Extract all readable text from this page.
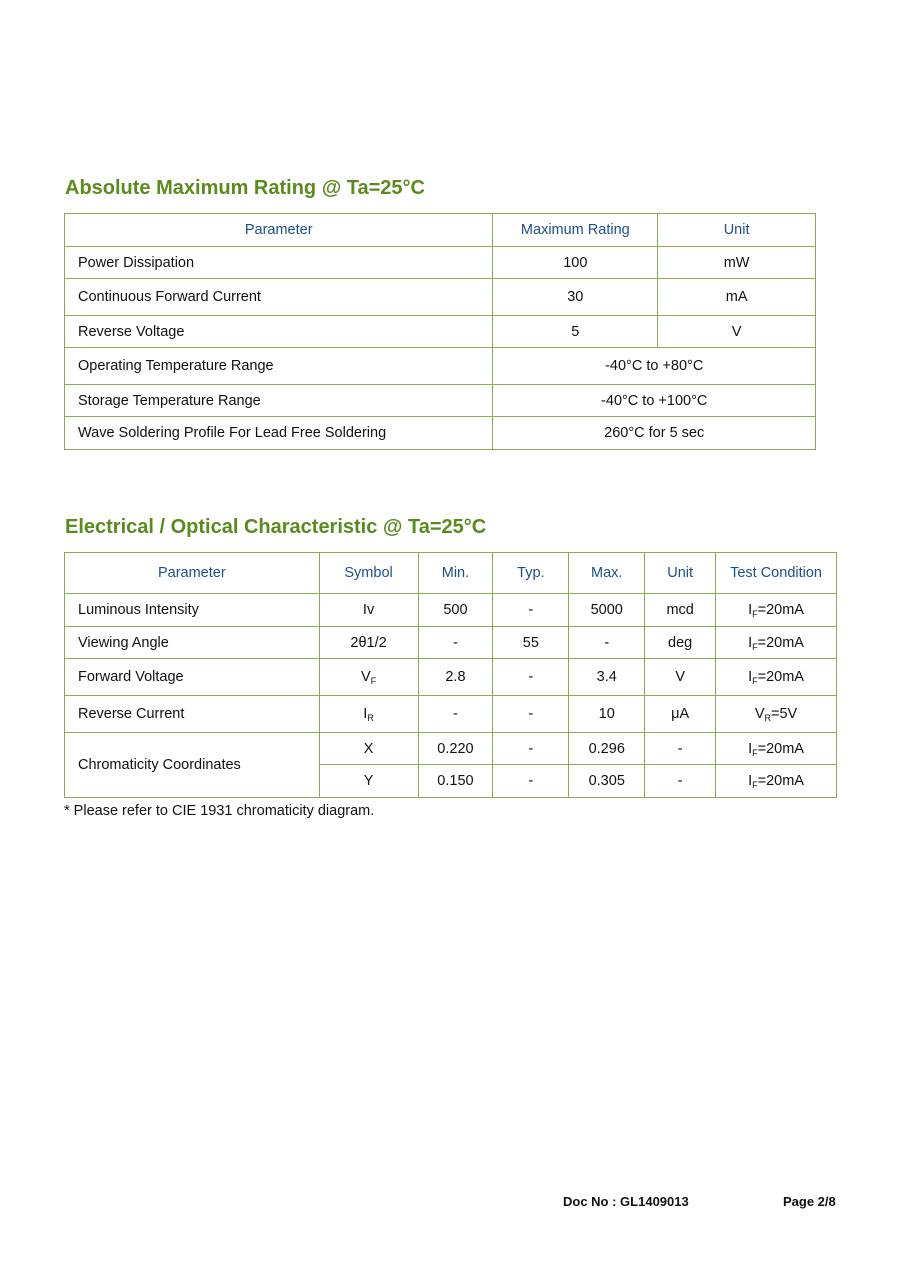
Absolute Maximum Rating @ Ta=25°C
Parameter	Maximum Rating	Unit
Power Dissipation	100	mW
Continuous Forward Current	30	mA
Reverse Voltage	5	V
Operating Temperature Range	-40°C to +80°C	
Storage Temperature Range	-40°C to +100°C	
Wave Soldering Profile For Lead Free Soldering	260°C for 5 sec	
Electrical / Optical Characteristic @ Ta=25°C
Parameter	Symbol	Min.	Typ.	Max.	Unit	Test Condition
Luminous Intensity	Iv	500	-	5000	mcd	$I_F=20mA$
Viewing Angle	2θ1/2	-	55	-	deg	$I_F=20mA$
Forward Voltage	$V_F$	2.8	-	3.4	V	$I_F=20mA$
Reverse Current	$I_R$	-	-	10	μA	$V_R=5V$
Chromaticity Coordinates	X	0.220	-	0.296	-	$I_F=20mA$
	Y	0.150	-	0.305	-	$I_F=20mA$
* Please refer to CIE 1931 chromaticity diagram.
Doc No : GL1409013	Page 2/8
